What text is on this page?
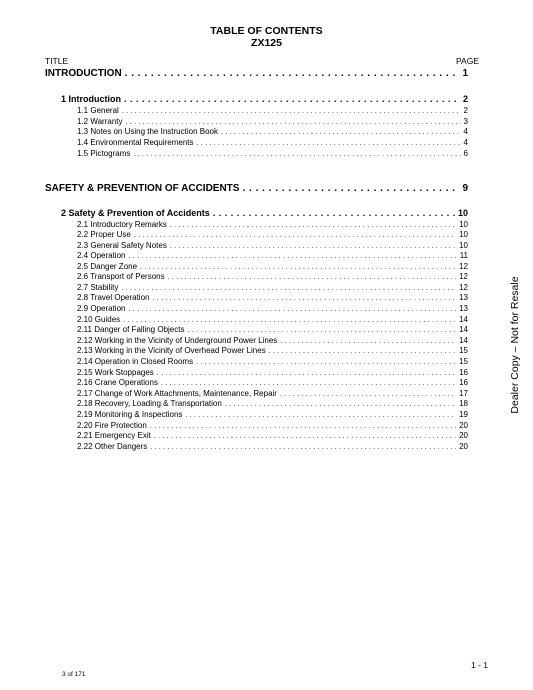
TABLE OF CONTENTS
ZX125
TITLE	PAGE
INTRODUCTION . . .	1
1 Introduction . . .	2
1.1 General . . .	2
1.2 Warranty . . .	3
1.3 Notes on Using the Instruction Book . . .	4
1.4 Environmental Requirements . . .	4
1.5 Pictograms . . .	6
SAFETY & PREVENTION OF ACCIDENTS . . .	9
2 Safety & Prevention of Accidents . . .	10
2.1 Introductory Remarks . . .	10
2.2 Proper Use . . .	10
2.3 General Safety Notes . . .	10
2.4 Operation . . .	11
2.5 Danger Zone . . .	12
2.6 Transport of Persons . . .	12
2.7 Stability . . .	12
2.8 Travel Operation . . .	13
2.9 Operation . . .	13
2.10 Guides . . .	14
2.11 Danger of Falling Objects . . .	14
2.12 Working in the Vicinity of Underground Power Lines . . .	14
2.13 Working in the Vicinity of Overhead Power Lines . . .	15
2.14 Operation in Closed Rooms . . .	15
2.15 Work Stoppages . . .	16
2.16 Crane Operations . . .	16
2.17 Change of Work Attachments, Maintenance, Repair . . .	17
2.18 Recovery, Loading & Transportation . . .	18
2.19 Monitoring & Inspections . . .	19
2.20 Fire Protection . . .	20
2.21 Emergency Exit . . .	20
2.22 Other Dangers . . .	20
Dealer Copy – Not for Resale
1 - 1
3 of 171
